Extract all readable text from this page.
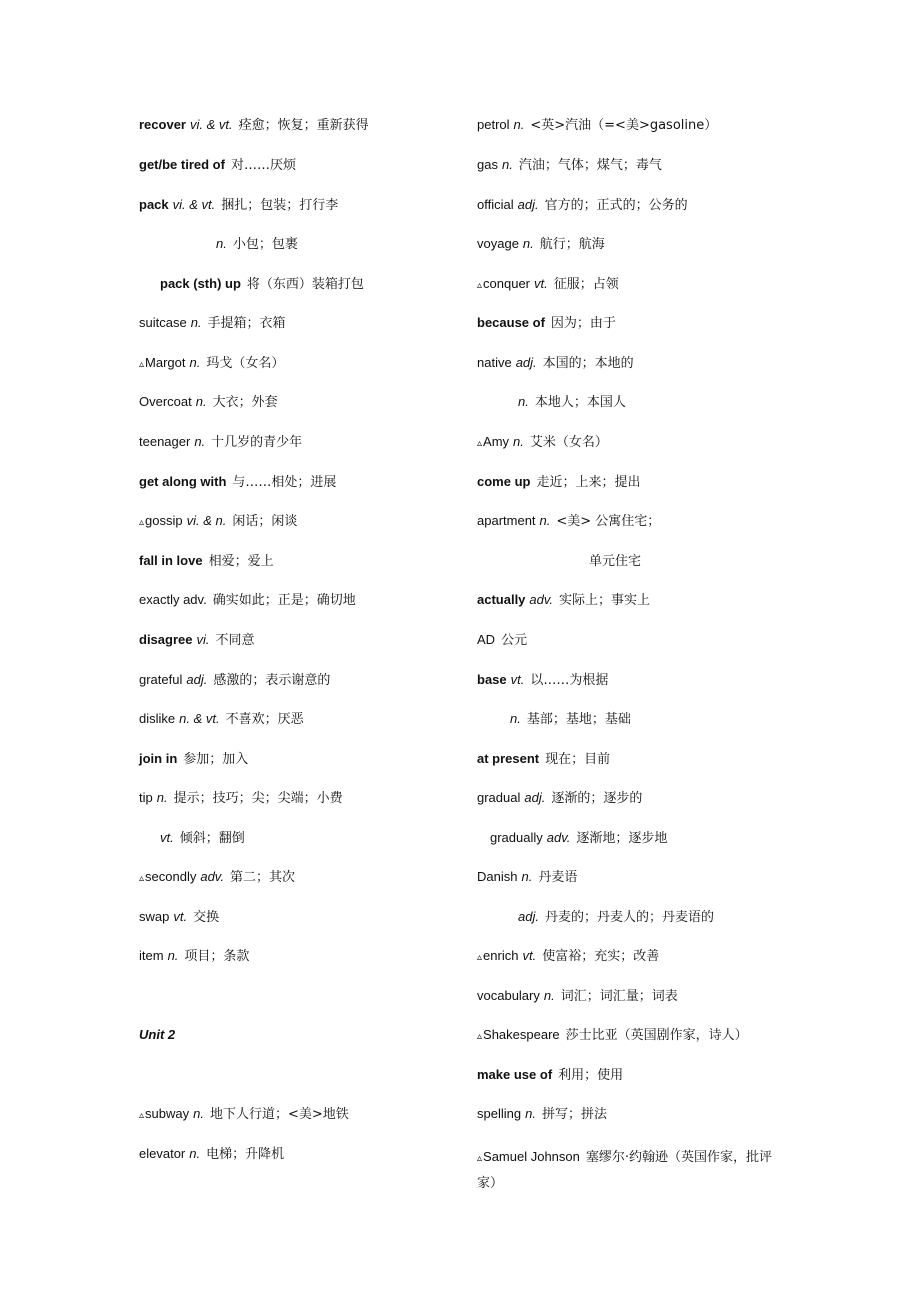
recover vi. & vt. 痊愈；恢复；重新获得
get/be tired of 对……厌烦
pack vi. & vt. 捆扎；包装；打行李
n. 小包；包裹
pack (sth) up 将（东西）装箱打包
suitcase n. 手提箱；衣箱
▵Margot n. 玛戈（女名）
Overcoat n. 大衣；外套
teenager n. 十几岁的青少年
get along with 与……相处；进展
▵gossip vi. & n. 闲话；闲谈
fall in love 相爱；爱上
exactly adv. 确实如此；正是；确切地
disagree vi. 不同意
grateful adj. 感激的；表示谢意的
dislike n. & vt. 不喜欢；厌恶
join in 参加；加入
tip n. 提示；技巧；尖；尖端；小费
vt. 倾斜；翻倒
▵secondly adv. 第二；其次
swap vt. 交换
item n. 项目；条款
Unit 2
▵subway n. 地下人行道；<美>地铁
elevator n. 电梯；升降机
petrol n. <英>汽油（=<美>gasoline）
gas n. 汽油；气体；煤气；毒气
official adj. 官方的；正式的；公务的
voyage n. 航行；航海
▵conquer vt. 征服；占领
because of 因为；由于
native adj. 本国的；本地的
n. 本地人；本国人
▵Amy n. 艾米（女名）
come up 走近；上来；提出
apartment n. <美> 公寓住宅；
单元住宅
actually adv. 实际上；事实上
AD 公元
base vt. 以……为根据
n. 基部；基地；基础
at present 现在；目前
gradual adj. 逐渐的；逐步的
gradually adv. 逐渐地；逐步地
Danish n. 丹麦语
adj. 丹麦的；丹麦人的；丹麦语的
▵enrich vt. 使富裕；充实；改善
vocabulary n. 词汇；词汇量；词表
▵Shakespeare 莎士比亚（英国剧作家，诗人）
make use of 利用；使用
spelling n. 拼写；拼法
▵Samuel Johnson 塞缪尔·约翰逊（英国作家，批评家）
